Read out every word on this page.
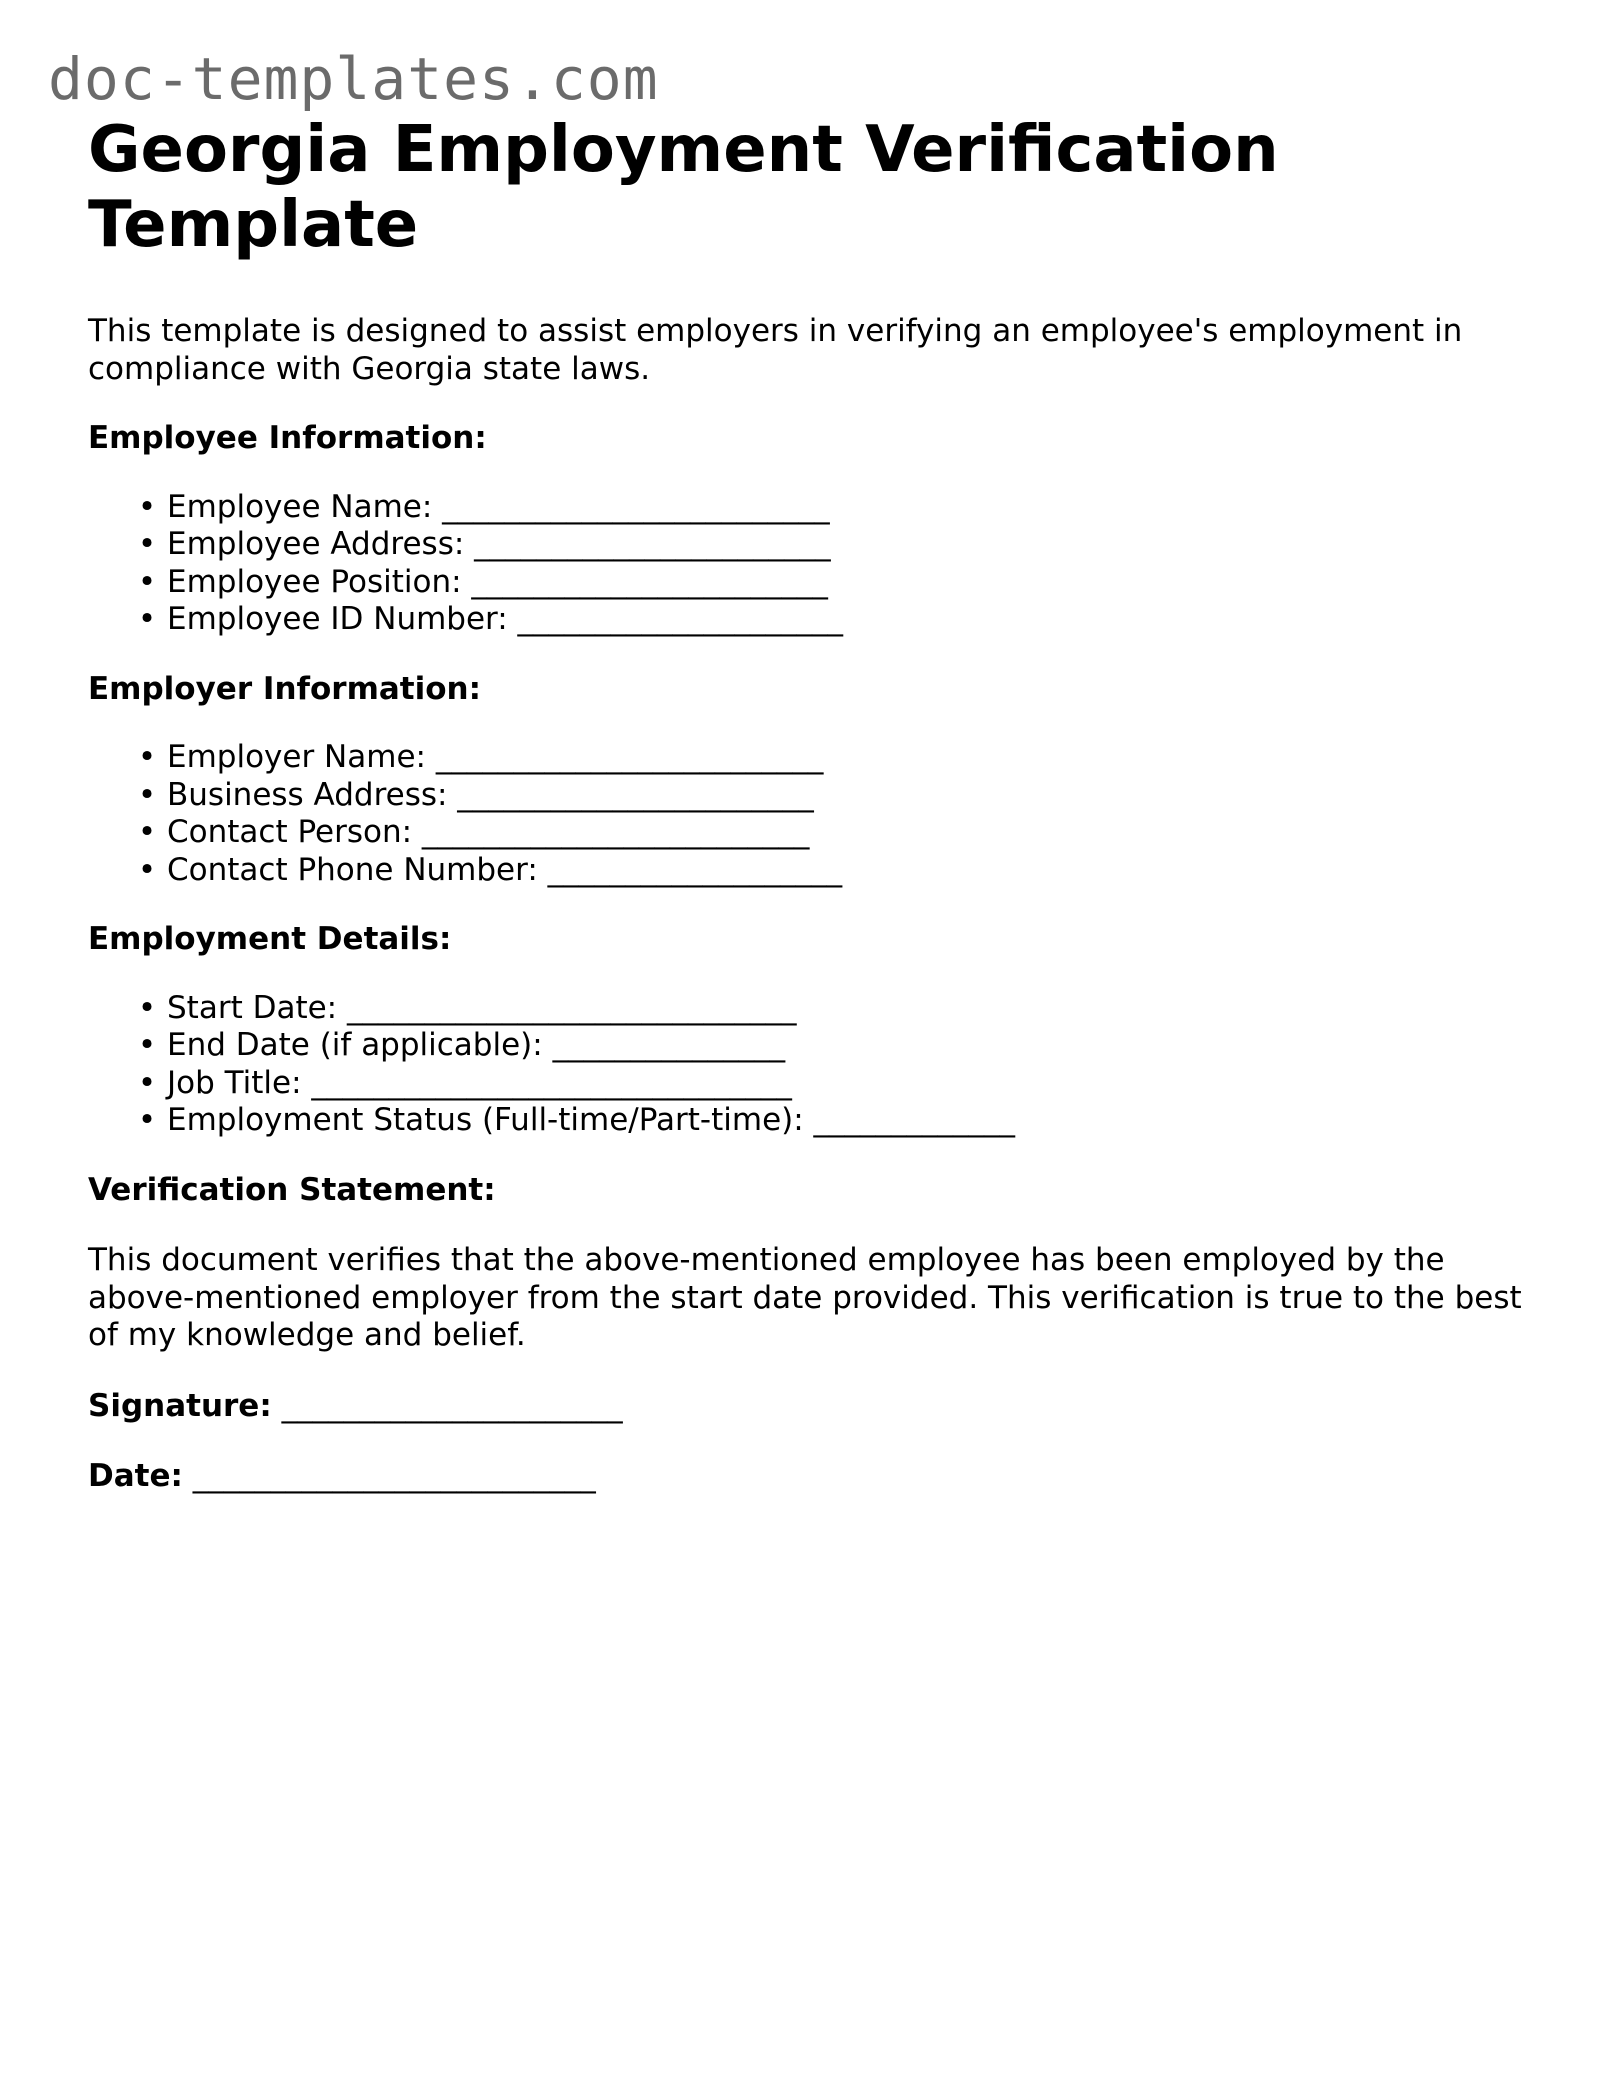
doc-templates.com
Georgia Employment Verification Template

This template is designed to assist employers in verifying an employee's employment in compliance with Georgia state laws.

Employee Information:

• Employee Name: _________________________
• Employee Address: _______________________
• Employee Position: _______________________
• Employee ID Number: _____________________

Employer Information:

• Employer Name: _________________________
• Business Address: _______________________
• Contact Person: _________________________
• Contact Phone Number: ___________________

Employment Details:

• Start Date: _____________________________
• End Date (if applicable): _______________
• Job Title: _______________________________
• Employment Status (Full-time/Part-time): _____________

Verification Statement:

This document verifies that the above-mentioned employee has been employed by the above-mentioned employer from the start date provided. This verification is true to the best of my knowledge and belief.

Signature: ______________________

Date: __________________________
